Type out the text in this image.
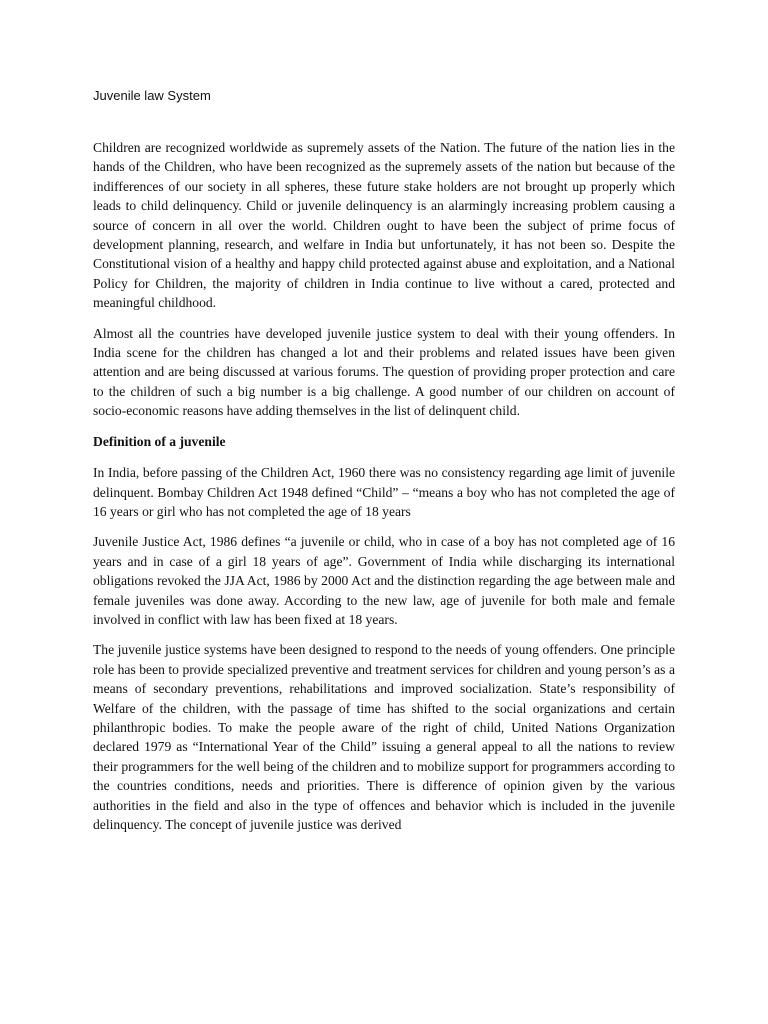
Juvenile law System

Children are recognized worldwide as supremely assets of the Nation. The future of the nation lies in the hands of the Children, who have been recognized as the supremely assets of the nation but because of the indifferences of our society in all spheres, these future stake holders are not brought up properly which leads to child delinquency. Child or juvenile delinquency is an alarmingly increasing problem causing a source of concern in all over the world. Children ought to have been the subject of prime focus of development planning, research, and welfare in India but unfortunately, it has not been so. Despite the Constitutional vision of a healthy and happy child protected against abuse and exploitation, and a National Policy for Children, the majority of children in India continue to live without a cared, protected and meaningful childhood.

Almost all the countries have developed juvenile justice system to deal with their young offenders. In India scene for the children has changed a lot and their problems and related issues have been given attention and are being discussed at various forums. The question of providing proper protection and care to the children of such a big number is a big challenge. A good number of our children on account of socio-economic reasons have adding themselves in the list of delinquent child.

Definition of a juvenile

In India, before passing of the Children Act, 1960 there was no consistency regarding age limit of juvenile delinquent. Bombay Children Act 1948 defined “Child” – “means a boy who has not completed the age of 16 years or girl who has not completed the age of 18 years

Juvenile Justice Act, 1986 defines “a juvenile or child, who in case of a boy has not completed age of 16 years and in case of a girl 18 years of age”. Government of India while discharging its international obligations revoked the JJA Act, 1986 by 2000 Act and the distinction regarding the age between male and female juveniles was done away. According to the new law, age of juvenile for both male and female involved in conflict with law has been fixed at 18 years.

The juvenile justice systems have been designed to respond to the needs of young offenders. One principle role has been to provide specialized preventive and treatment services for children and young person’s as a means of secondary preventions, rehabilitations and improved socialization. State’s responsibility of Welfare of the children, with the passage of time has shifted to the social organizations and certain philanthropic bodies. To make the people aware of the right of child, United Nations Organization declared 1979 as “International Year of the Child” issuing a general appeal to all the nations to review their programmers for the well being of the children and to mobilize support for programmers according to the countries conditions, needs and priorities. There is difference of opinion given by the various authorities in the field and also in the type of offences and behavior which is included in the juvenile delinquency. The concept of juvenile justice was derived
